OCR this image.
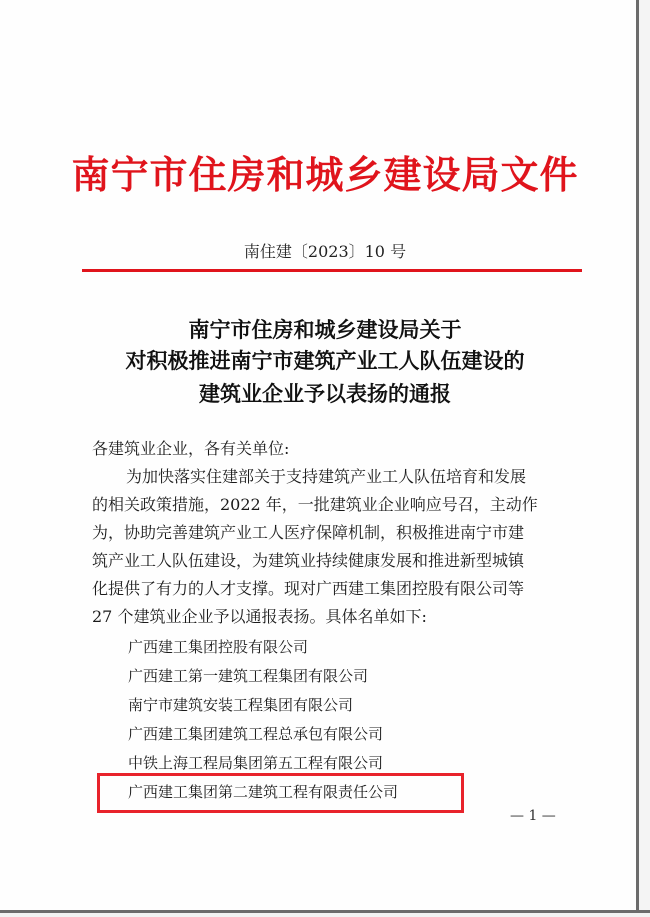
南宁市住房和城乡建设局文件
南住建〔2023〕10 号
南宁市住房和城乡建设局关于
对积极推进南宁市建筑产业工人队伍建设的
建筑业企业予以表扬的通报
各建筑业企业，各有关单位:
为加快落实住建部关于支持建筑产业工人队伍培育和发展
的相关政策措施，2022 年，一批建筑业企业响应号召，主动作
为，协助完善建筑产业工人医疗保障机制，积极推进南宁市建
筑产业工人队伍建设，为建筑业持续健康发展和推进新型城镇
化提供了有力的人才支撑。现对广西建工集团控股有限公司等
27 个建筑业企业予以通报表扬。具体名单如下:
广西建工集团控股有限公司
广西建工第一建筑工程集团有限公司
南宁市建筑安装工程集团有限公司
广西建工集团建筑工程总承包有限公司
中铁上海工程局集团第五工程有限公司
广西建工集团第二建筑工程有限责任公司
— 1 —
